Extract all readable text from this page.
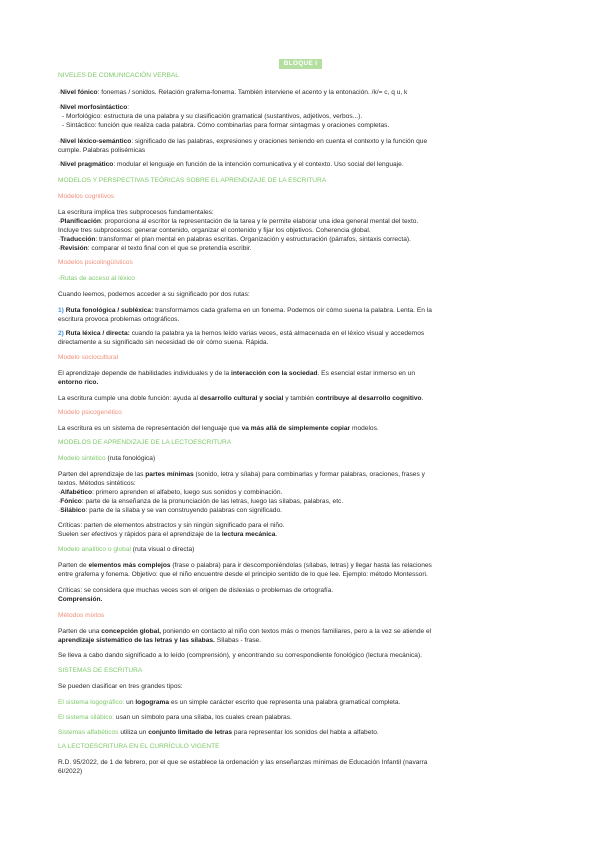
BLOQUE I
NIVELES DE COMUNICACIÓN VERBAL
·Nivel fónico: fonemas / sonidos. Relación grafema-fonema. También interviene el acento y la entonación. /k/= c, q u, k
·Nivel morfosintáctico:
- Morfológico: estructura de una palabra y su clasificación gramatical (sustantivos, adjetivos, verbos...).
- Sintáctico: función que realiza cada palabra. Cómo combinarlas para formar sintagmas y oraciones completas.
·Nivel léxico-semántico: significado de las palabras, expresiones y oraciones teniendo en cuenta el contexto y la función que
cumple. Palabras polisémicas
·Nivel pragmático: modular el lenguaje en función de la intención comunicativa y el contexto. Uso social del lenguaje.
MODELOS Y PERSPECTIVAS TEÓRICAS SOBRE EL APRENDIZAJE DE LA ESCRITURA
Modelos cognitivos
La escritura implica tres subprocesos fundamentales:
·Planificación: proporciona al escritor la representación de la tarea y le permite elaborar una idea general mental del texto.
Incluye tres subprocesos: generar contenido, organizar el contenido y fijar los objetivos. Coherencia global.
·Traducción: transformar el plan mental en palabras escritas. Organización y estructuración (párrafos, sintaxis correcta).
·Revisión: comparar el texto final con el que se pretendía escribir.
Modelos psicolingüísticos
-Rutas de acceso al léxico
Cuando leemos, podemos acceder a su significado por dos rutas:
1) Ruta fonológica / subléxica: transformamos cada grafema en un fonema. Podemos oír cómo suena la palabra. Lenta. En la
escritura provoca problemas ortográficos.
2) Ruta léxica / directa: cuando la palabra ya la hemos leído varias veces, está almacenada en el léxico visual y accedemos
directamente a su significado sin necesidad de oír cómo suena. Rápida.
Modelo sociocultural
El aprendizaje depende de habilidades individuales y de la interacción con la sociedad. Es esencial estar inmerso en un
entorno rico.
La escritura cumple una doble función: ayuda al desarrollo cultural y social y también contribuye al desarrollo cognitivo.
Modelo psicogenético
La escritura es un sistema de representación del lenguaje que va más allá de simplemente copiar modelos.
MODELOS DE APRENDIZAJE DE LA LECTOESCRITURA
Modelo sintético (ruta fonológica)
Parten del aprendizaje de las partes mínimas (sonido, letra y sílaba) para combinarlas y formar palabras, oraciones, frases y
textos. Métodos sintéticos:
·Alfabético: primero aprenden el alfabeto, luego sus sonidos y combinación.
·Fónico: parte de la enseñanza de la pronunciación de las letras, luego las sílabas, palabras, etc.
·Silábico: parte de la sílaba y se van construyendo palabras con significado.
Críticas: parten de elementos abstractos y sin ningún significado para el niño.
Suelen ser efectivos y rápidos para el aprendizaje de la lectura mecánica.
Modelo analítico o global (ruta visual o directa)
Parten de elementos más complejos (frase o palabra) para ir descomponiéndolas (sílabas, letras) y llegar hasta las relaciones
entre grafema y fonema. Objetivo: que el niño encuentre desde el principio sentido de lo que lee. Ejemplo: método Montessori.
Críticas: se considera que muchas veces son el origen de dislexias o problemas de ortografía.
Comprensión.
Métodos mixtos
Parten de una concepción global, poniendo en contacto al niño con textos más o menos familiares, pero a la vez se atiende el
aprendizaje sistemático de las letras y las sílabas. Sílabas - frase.
Se lleva a cabo dando significado a lo leído (comprensión), y encontrando su correspondiente fonológico (lectura mecánica).
SISTEMAS DE ESCRITURA
Se pueden clasificar en tres grandes tipos:
El sistema logográfico: un logograma es un simple carácter escrito que representa una palabra gramatical completa.
El sistema silábico: usan un símbolo para una sílaba, los cuales crean palabras.
Sistemas alfabéticos utiliza un conjunto limitado de letras para representar los sonidos del habla a alfabeto.
LA LECTOESCRITURA EN EL CURRÍCULO VIGENTE
R.D. 95/2022, de 1 de febrero, por el que se establece la ordenación y las enseñanzas mínimas de Educación Infantil (navarra
6I/2022)
